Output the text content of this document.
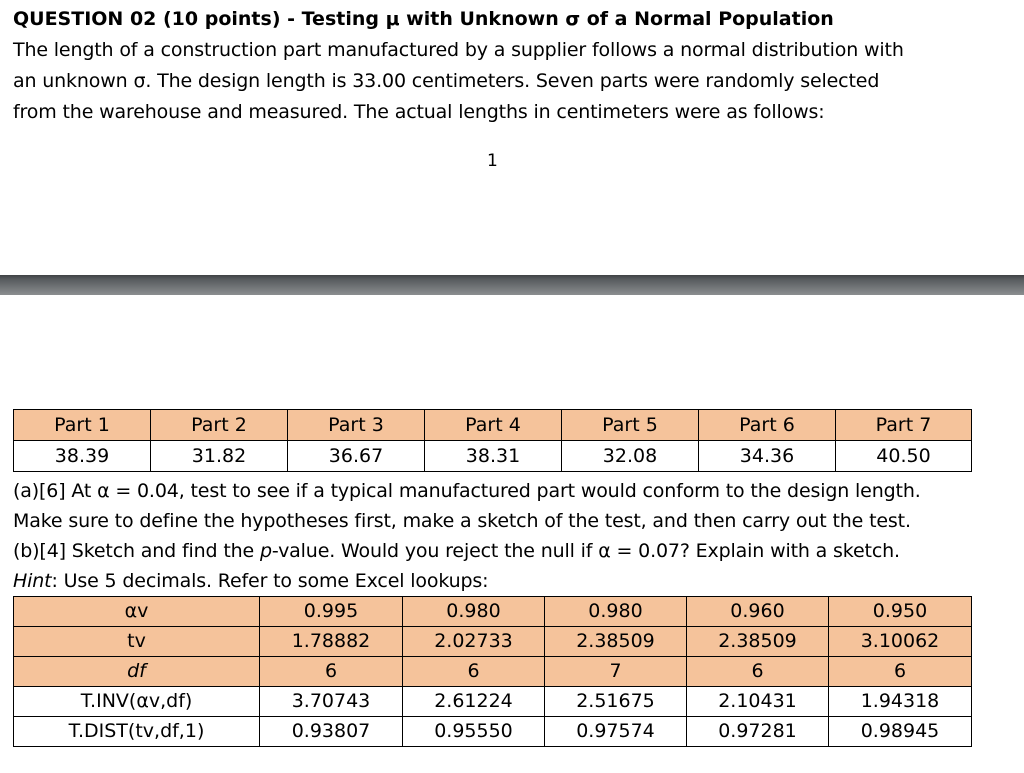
QUESTION 02 (10 points) - Testing μ with Unknown σ of a Normal Population
The length of a construction part manufactured by a supplier follows a normal distribution with
an unknown σ. The design length is 33.00 centimeters. Seven parts were randomly selected
from the warehouse and measured. The actual lengths in centimeters were as follows:
1
Part 1	Part 2	Part 3	Part 4	Part 5	Part 6	Part 7
38.39	31.82	36.67	38.31	32.08	34.36	40.50
(a)[6] At α = 0.04, test to see if a typical manufactured part would conform to the design length.
Make sure to define the hypotheses first, make a sketch of the test, and then carry out the test.
(b)[4] Sketch and find the p-value. Would you reject the null if α = 0.07? Explain with a sketch.
Hint: Use 5 decimals. Refer to some Excel lookups:
αv	0.995	0.980	0.980	0.960	0.950
tv	1.78882	2.02733	2.38509	2.38509	3.10062
df	6	6	7	6	6
T.INV(αv,df)	3.70743	2.61224	2.51675	2.10431	1.94318
T.DIST(tv,df,1)	0.93807	0.95550	0.97574	0.97281	0.98945
